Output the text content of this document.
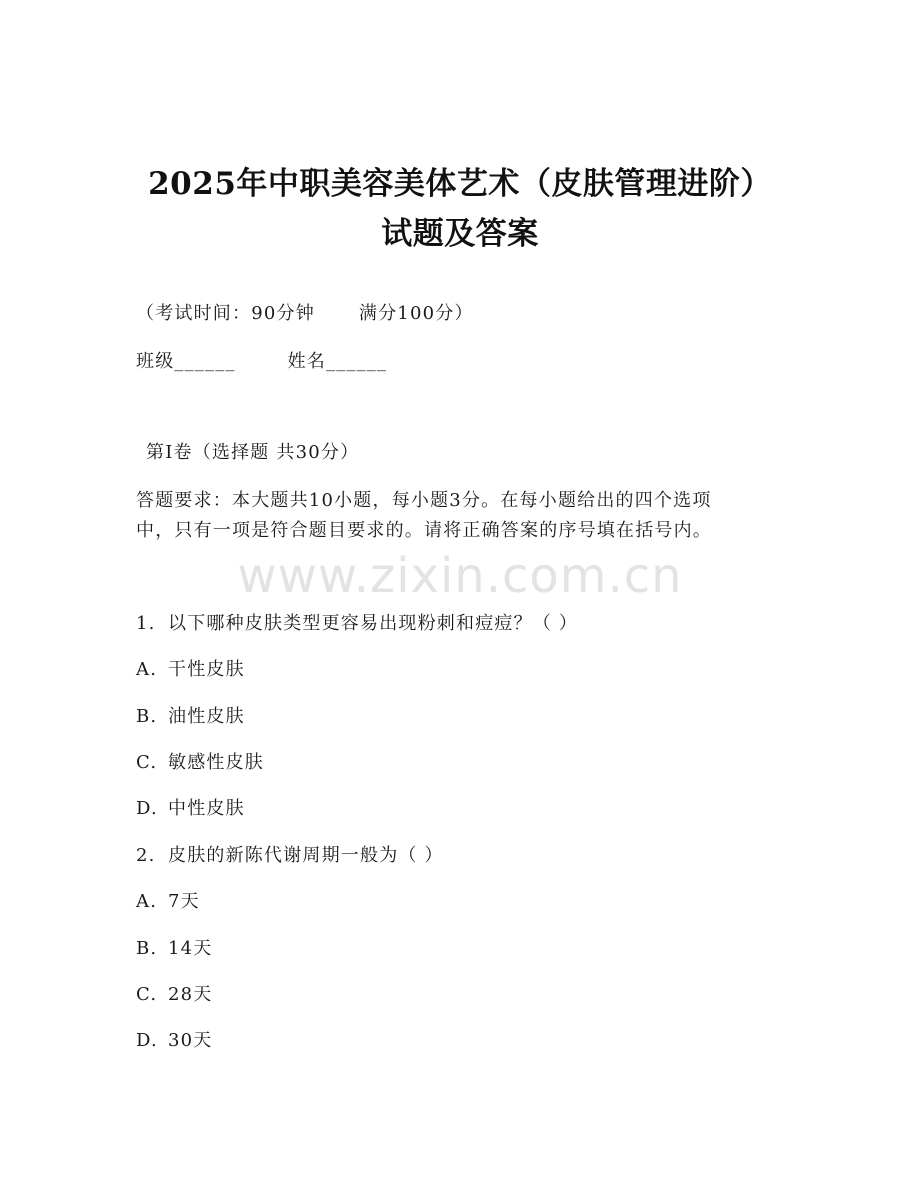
2025年中职美容美体艺术（皮肤管理进阶）
试题及答案
（考试时间：90分钟 满分100分）
班级______	姓名______
第I卷（选择题 共30分）
答题要求：本大题共10小题，每小题3分。在每小题给出的四个选项
中，只有一项是符合题目要求的。请将正确答案的序号填在括号内。
www.zixin.com.cn
1. 以下哪种皮肤类型更容易出现粉刺和痘痘？（ ）
A. 干性皮肤
B. 油性皮肤
C. 敏感性皮肤
D. 中性皮肤
2. 皮肤的新陈代谢周期一般为（ ）
A. 7天
B. 14天
C. 28天
D. 30天
